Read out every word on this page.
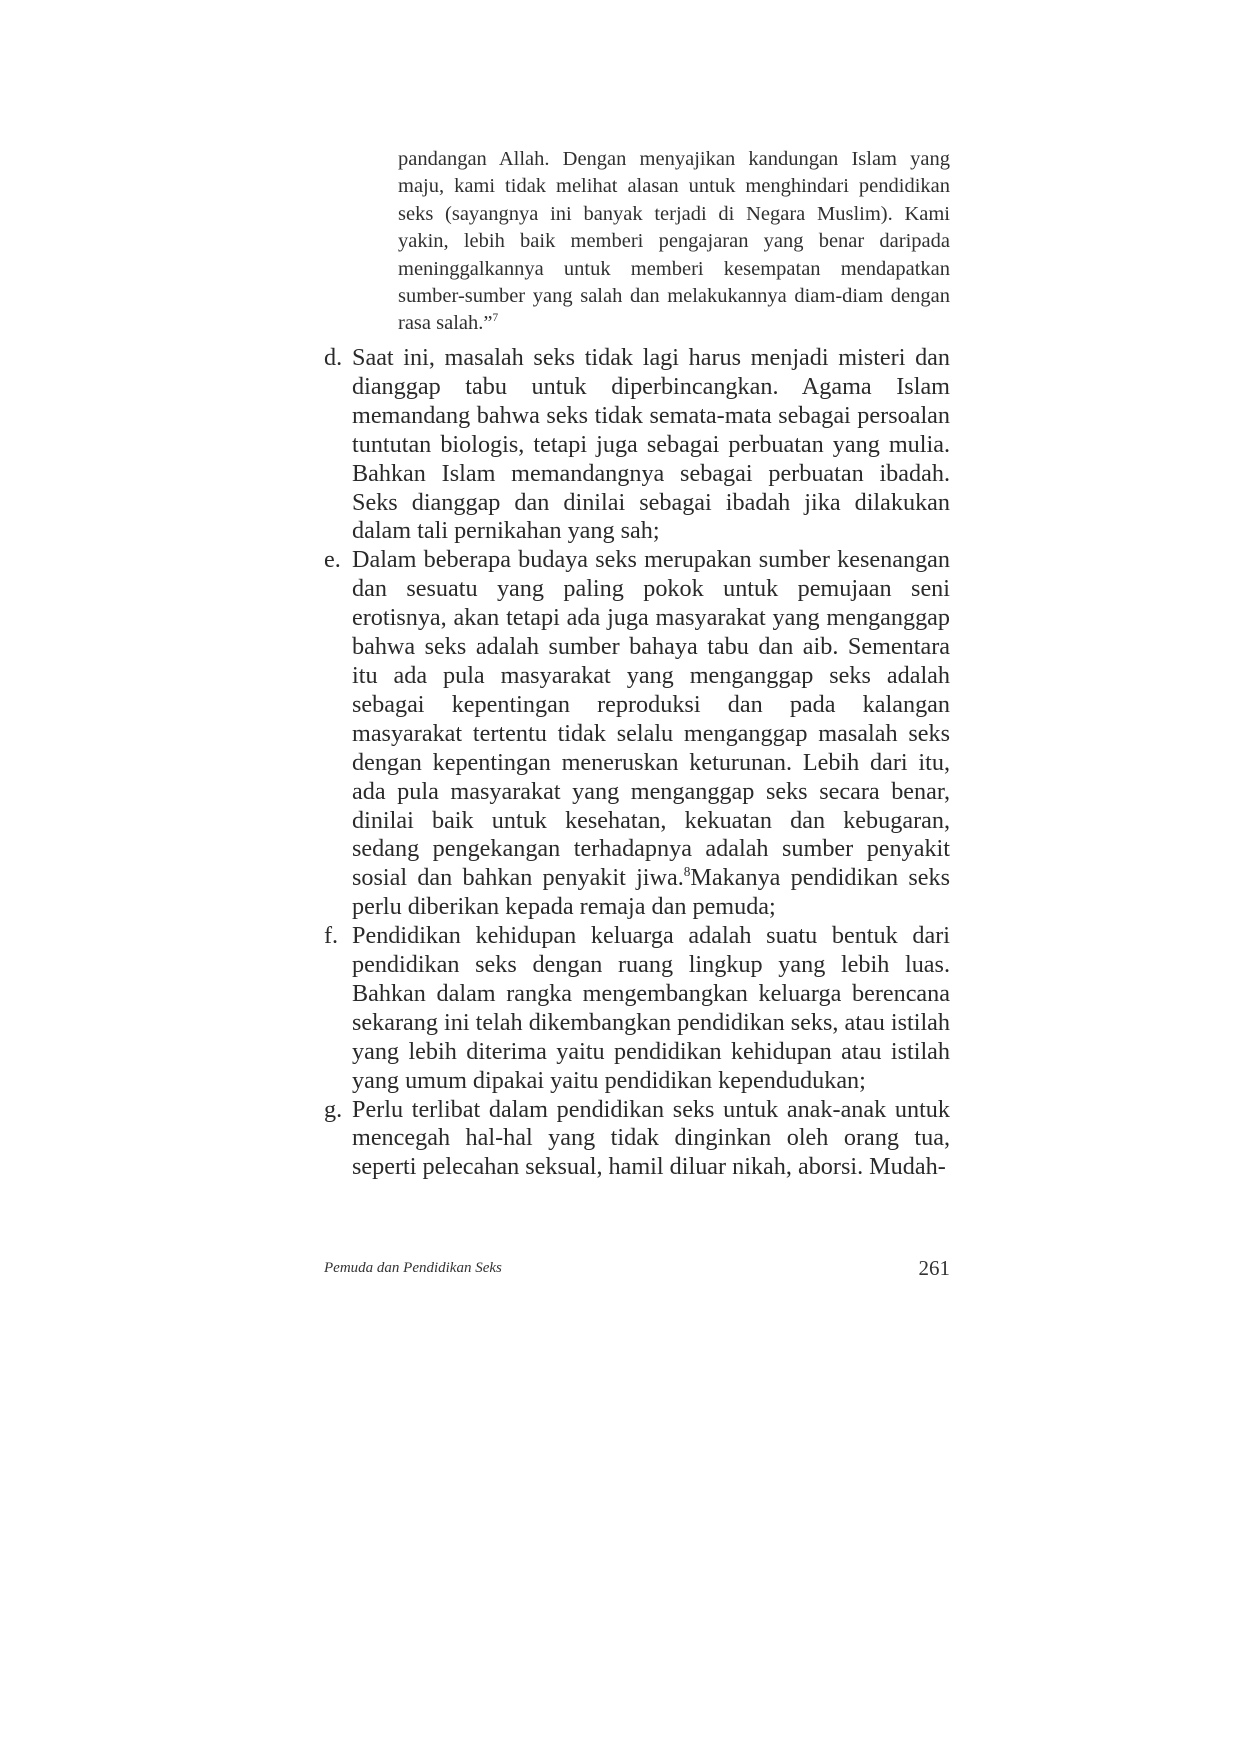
pandangan Allah. Dengan menyajikan kandungan Islam yang maju, kami tidak melihat alasan untuk menghindari pendidikan seks (sayangnya ini banyak terjadi di Negara Muslim). Kami yakin, lebih baik memberi pengajaran yang benar daripada meninggalkannya untuk memberi kesempatan mendapatkan sumber-sumber yang salah dan melakukannya diam-diam dengan rasa salah.”$^7$

d. Saat ini, masalah seks tidak lagi harus menjadi misteri dan dianggap tabu untuk diperbincangkan. Agama Islam memandang bahwa seks tidak semata-mata sebagai persoalan tuntutan biologis, tetapi juga sebagai perbuatan yang mulia. Bahkan Islam memandangnya sebagai perbuatan ibadah. Seks dianggap dan dinilai sebagai ibadah jika dilakukan dalam tali pernikahan yang sah;

e. Dalam beberapa budaya seks merupakan sumber kesenangan dan sesuatu yang paling pokok untuk pemujaan seni erotisnya, akan tetapi ada juga masyarakat yang menganggap bahwa seks adalah sumber bahaya tabu dan aib. Sementara itu ada pula masyarakat yang menganggap seks adalah sebagai kepentingan reproduksi dan pada kalangan masyarakat tertentu tidak selalu menganggap masalah seks dengan kepentingan meneruskan keturunan. Lebih dari itu, ada pula masyarakat yang menganggap seks secara benar, dinilai baik untuk kesehatan, kekuatan dan kebugaran, sedang pengekangan terhadapnya adalah sumber penyakit sosial dan bahkan penyakit jiwa.$^8$Makanya pendidikan seks perlu diberikan kepada remaja dan pemuda;

f. Pendidikan kehidupan keluarga adalah suatu bentuk dari pendidikan seks dengan ruang lingkup yang lebih luas. Bahkan dalam rangka mengembangkan keluarga berencana sekarang ini telah dikembangkan pendidikan seks, atau istilah yang lebih diterima yaitu pendidikan kehidupan atau istilah yang umum dipakai yaitu pendidikan kependudukan;

g. Perlu terlibat dalam pendidikan seks untuk anak-anak untuk mencegah hal-hal yang tidak dinginkan oleh orang tua, seperti pelecahan seksual, hamil diluar nikah, aborsi. Mudah-

Pemuda dan Pendidikan Seks	261
